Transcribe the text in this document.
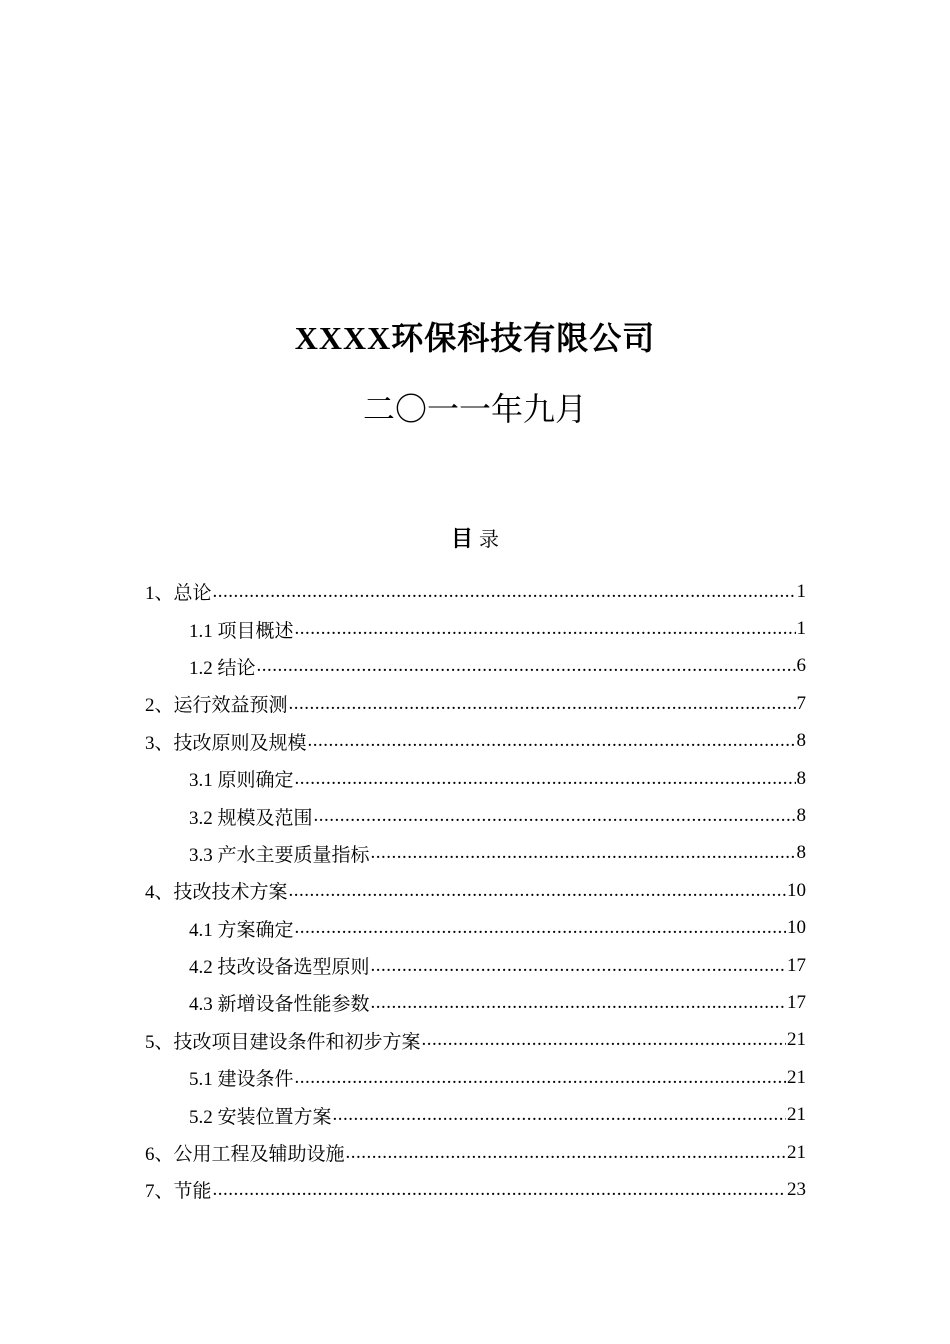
XXXX环保科技有限公司
二〇一一年九月
目 录
1、总论 .....	1
1.1 项目概述 .....	1
1.2 结论 .....	6
2、运行效益预测 .....	7
3、技改原则及规模 .....	8
3.1 原则确定 .....	8
3.2 规模及范围 .....	8
3.3 产水主要质量指标 .....	8
4、技改技术方案 .....	10
4.1 方案确定 .....	10
4.2 技改设备选型原则 .....	17
4.3 新增设备性能参数 .....	17
5、技改项目建设条件和初步方案 .....	21
5.1 建设条件 .....	21
5.2 安装位置方案 .....	21
6、公用工程及辅助设施 .....	21
7、节能 .....	23
